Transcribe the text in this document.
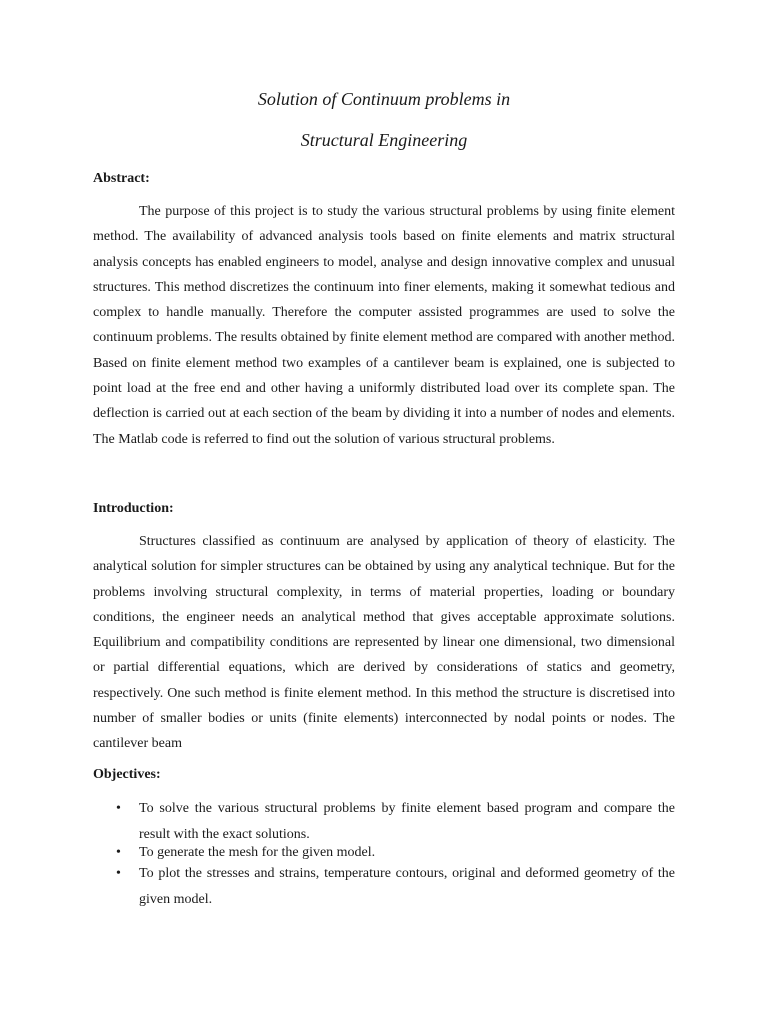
Solution of Continuum problems in
Structural Engineering
Abstract:

The purpose of this project is to study the various structural problems by using finite element method. The availability of advanced analysis tools based on finite elements and matrix structural analysis concepts has enabled engineers to model, analyse and design innovative complex and unusual structures. This method discretizes the continuum into finer elements, making it somewhat tedious and complex to handle manually. Therefore the computer assisted programmes are used to solve the continuum problems. The results obtained by finite element method are compared with another method. Based on finite element method two examples of a cantilever beam is explained, one is subjected to point load at the free end and other having a uniformly distributed load over its complete span. The deflection is carried out at each section of the beam by dividing it into a number of nodes and elements. The Matlab code is referred to find out the solution of various structural problems.

Introduction:

Structures classified as continuum are analysed by application of theory of elasticity. The analytical solution for simpler structures can be obtained by using any analytical technique. But for the problems involving structural complexity, in terms of material properties, loading or boundary conditions, the engineer needs an analytical method that gives acceptable approximate solutions. Equilibrium and compatibility conditions are represented by linear one dimensional, two dimensional or partial differential equations, which are derived by considerations of statics and geometry, respectively. One such method is finite element method. In this method the structure is discretised into number of smaller bodies or units (finite elements) interconnected by nodal points or nodes. The cantilever beam

Objectives:
• To solve the various structural problems by finite element based program and compare the result with the exact solutions.
• To generate the mesh for the given model.
• To plot the stresses and strains, temperature contours, original and deformed geometry of the given model.
